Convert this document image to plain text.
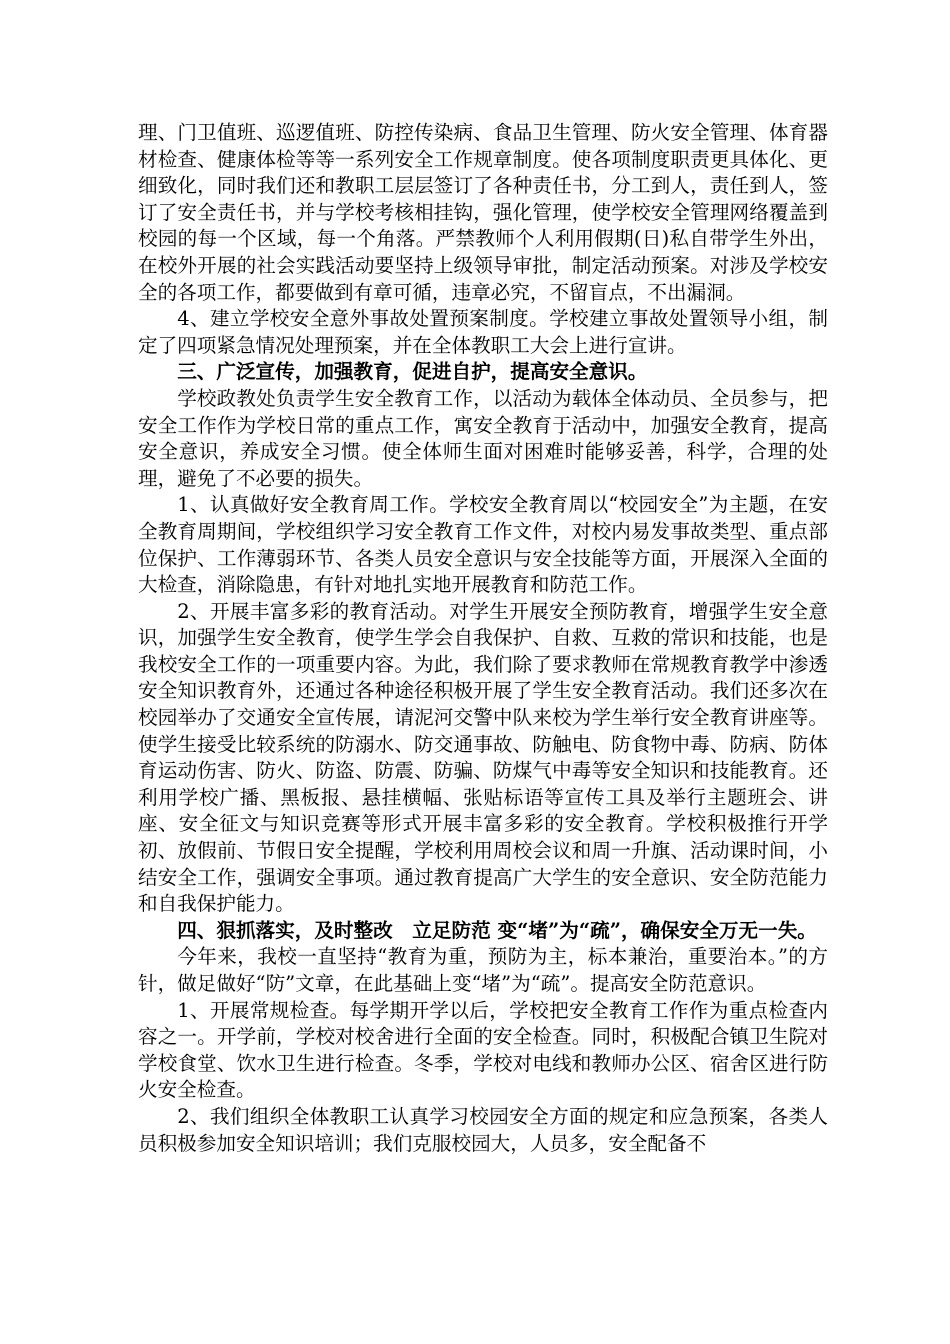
理、门卫值班、巡逻值班、防控传染病、食品卫生管理、防火安全管理、体育器材检查、健康体检等等一系列安全工作规章制度。使各项制度职责更具体化、更细致化，同时我们还和教职工层层签订了各种责任书，分工到人，责任到人，签订了安全责任书，并与学校考核相挂钩，强化管理，使学校安全管理网络覆盖到校园的每一个区域，每一个角落。严禁教师个人利用假期(日)私自带学生外出，在校外开展的社会实践活动要坚持上级领导审批，制定活动预案。对涉及学校安全的各项工作，都要做到有章可循，违章必究，不留盲点，不出漏洞。

4、建立学校安全意外事故处置预案制度。学校建立事故处置领导小组，制定了四项紧急情况处理预案，并在全体教职工大会上进行宣讲。

三、广泛宣传，加强教育，促进自护，提高安全意识。

学校政教处负责学生安全教育工作，以活动为载体全体动员、全员参与，把安全工作作为学校日常的重点工作，寓安全教育于活动中，加强安全教育，提高安全意识，养成安全习惯。使全体师生面对困难时能够妥善，科学，合理的处理，避免了不必要的损失。

1、认真做好安全教育周工作。学校安全教育周以“校园安全”为主题，在安全教育周期间，学校组织学习安全教育工作文件，对校内易发事故类型、重点部位保护、工作薄弱环节、各类人员安全意识与安全技能等方面，开展深入全面的大检查，消除隐患，有针对地扎实地开展教育和防范工作。

2、开展丰富多彩的教育活动。对学生开展安全预防教育，增强学生安全意识，加强学生安全教育，使学生学会自我保护、自救、互救的常识和技能，也是我校安全工作的一项重要内容。为此，我们除了要求教师在常规教育教学中渗透安全知识教育外，还通过各种途径积极开展了学生安全教育活动。我们还多次在校园举办了交通安全宣传展，请泥河交警中队来校为学生举行安全教育讲座等。使学生接受比较系统的防溺水、防交通事故、防触电、防食物中毒、防病、防体育运动伤害、防火、防盗、防震、防骗、防煤气中毒等安全知识和技能教育。还利用学校广播、黑板报、悬挂横幅、张贴标语等宣传工具及举行主题班会、讲座、安全征文与知识竞赛等形式开展丰富多彩的安全教育。学校积极推行开学初、放假前、节假日安全提醒，学校利用周校会议和周一升旗、活动课时间，小结安全工作，强调安全事项。通过教育提高广大学生的安全意识、安全防范能力和自我保护能力。

四、狠抓落实，及时整改　立足防范 变“堵”为“疏”，确保安全万无一失。

今年来，我校一直坚持“教育为重，预防为主，标本兼治，重要治本。”的方针，做足做好“防”文章，在此基础上变“堵”为“疏”。提高安全防范意识。

1、开展常规检查。每学期开学以后，学校把安全教育工作作为重点检查内容之一。开学前，学校对校舍进行全面的安全检查。同时，积极配合镇卫生院对学校食堂、饮水卫生进行检查。冬季，学校对电线和教师办公区、宿舍区进行防火安全检查。

2、我们组织全体教职工认真学习校园安全方面的规定和应急预案，各类人员积极参加安全知识培训；我们克服校园大，人员多，安全配备不
